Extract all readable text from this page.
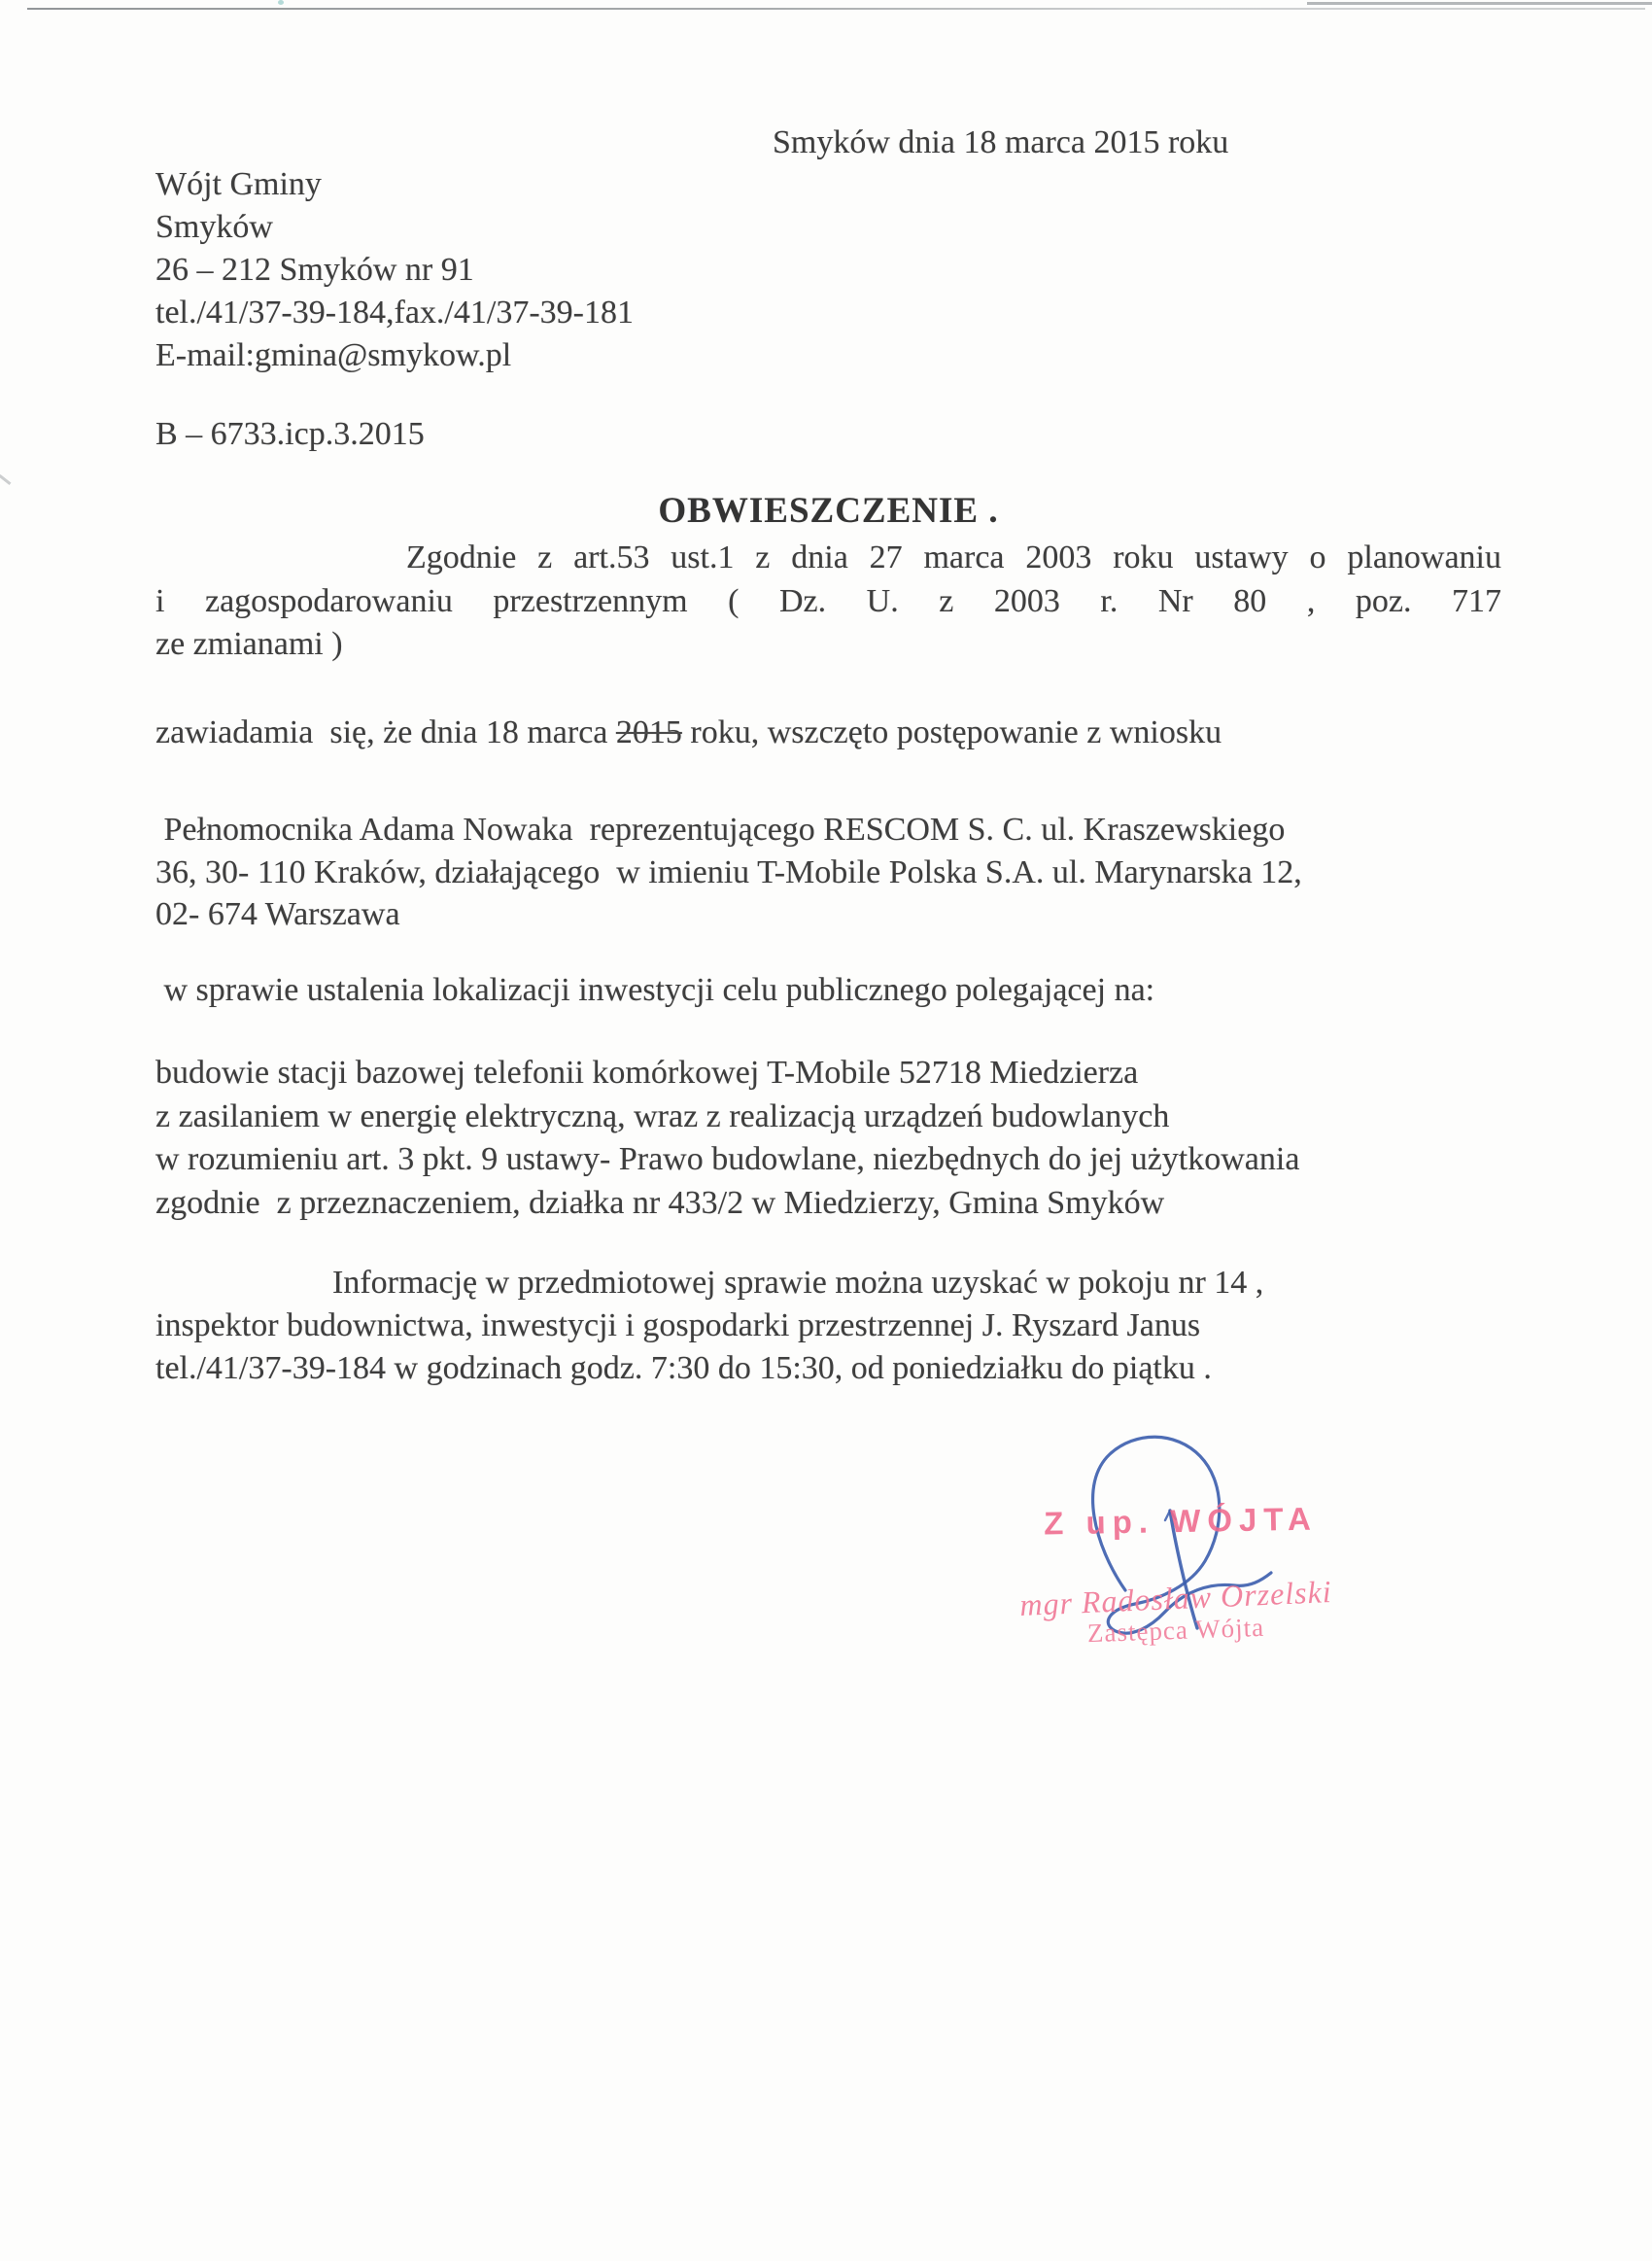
Smyków dnia 18 marca 2015 roku
Wójt Gminy
Smyków
26 – 212 Smyków nr 91
tel./41/37-39-184,fax./41/37-39-181
E-mail:gmina@smykow.pl
B – 6733.icp.3.2015
OBWIESZCZENIE .
Zgodnie z art.53 ust.1 z dnia 27 marca 2003 roku ustawy o planowaniu
i zagospodarowaniu przestrzennym ( Dz. U. z 2003 r. Nr 80 , poz. 717
ze zmianami )
zawiadamia  się, że dnia 18 marca 2015 roku, wszczęto postępowanie z wniosku
Pełnomocnika Adama Nowaka  reprezentującego RESCOM S. C. ul. Kraszewskiego
36, 30- 110 Kraków, działającego  w imieniu T-Mobile Polska S.A. ul. Marynarska 12,
02- 674 Warszawa
w sprawie ustalenia lokalizacji inwestycji celu publicznego polegającej na:
budowie stacji bazowej telefonii komórkowej T-Mobile 52718 Miedzierza
z zasilaniem w energię elektryczną, wraz z realizacją urządzeń budowlanych
w rozumieniu art. 3 pkt. 9 ustawy- Prawo budowlane, niezbędnych do jej użytkowania
zgodnie  z przeznaczeniem, działka nr 433/2 w Miedzierzy, Gmina Smyków
Informację w przedmiotowej sprawie można uzyskać w pokoju nr 14 ,
inspektor budownictwa, inwestycji i gospodarki przestrzennej J. Ryszard Janus
tel./41/37-39-184 w godzinach godz. 7:30 do 15:30, od poniedziałku do piątku .
Z up. WÓJTA
mgr Radosław Orzelski
Zastępca Wójta
